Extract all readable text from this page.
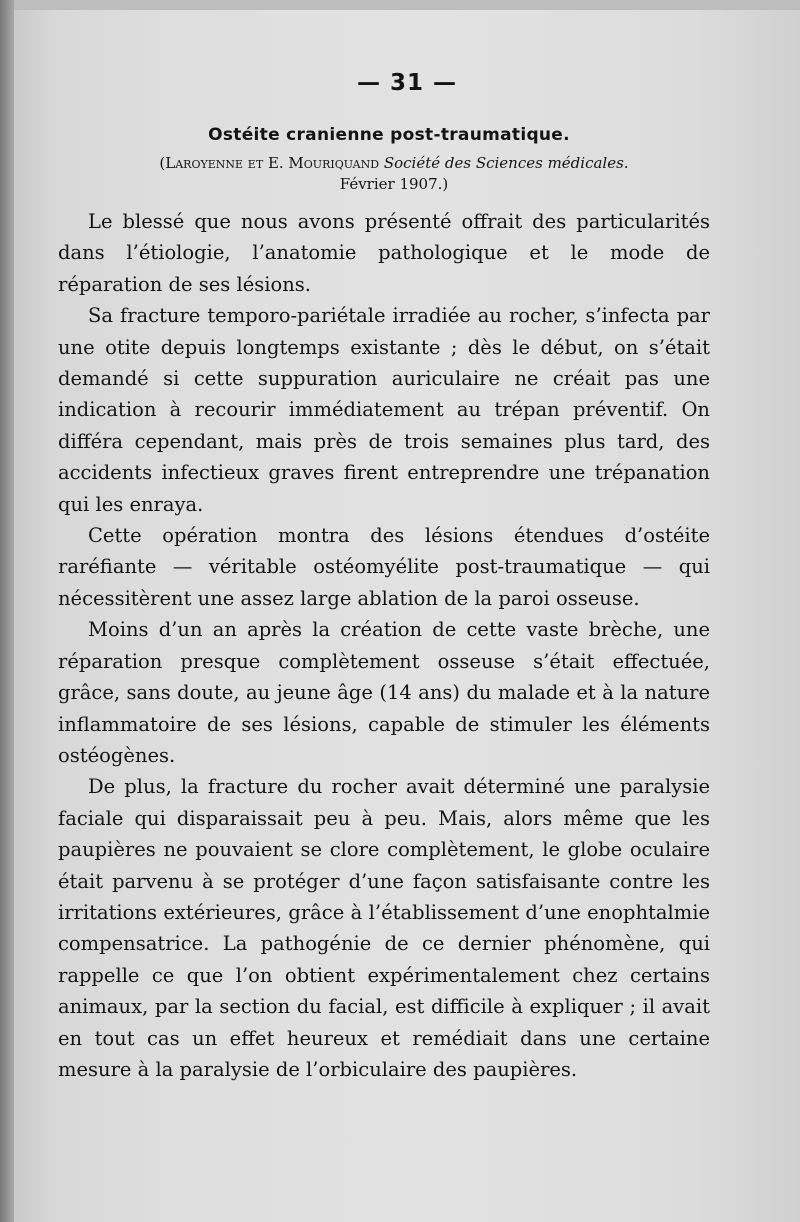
— 31 —
Ostéite cranienne post-traumatique.
(Laroyenne et E. Mouriquand Société des Sciences médicales.
Février 1907.)

Le blessé que nous avons présenté offrait des particularités dans l’étiologie, l’anatomie pathologique et le mode de réparation de ses lésions.

Sa fracture temporo-pariétale irradiée au rocher, s’infecta par une otite depuis longtemps existante ; dès le début, on s’était demandé si cette suppuration auriculaire ne créait pas une indication à recourir immédiatement au trépan préventif. On différa cependant, mais près de trois semaines plus tard, des accidents infectieux graves firent entreprendre une trépanation qui les enraya.

Cette opération montra des lésions étendues d’ostéite raréfiante — véritable ostéomyélite post-traumatique — qui nécessitèrent une assez large ablation de la paroi osseuse.

Moins d’un an après la création de cette vaste brèche, une réparation presque complètement osseuse s’était effectuée, grâce, sans doute, au jeune âge (14 ans) du malade et à la nature inflammatoire de ses lésions, capable de stimuler les éléments ostéogènes.

De plus, la fracture du rocher avait déterminé une paralysie faciale qui disparaissait peu à peu. Mais, alors même que les paupières ne pouvaient se clore complètement, le globe oculaire était parvenu à se protéger d’une façon satisfaisante contre les irritations extérieures, grâce à l’établissement d’une enophtalmie compensatrice. La pathogénie de ce dernier phénomène, qui rappelle ce que l’on obtient expérimentalement chez certains animaux, par la section du facial, est difficile à expliquer ; il avait en tout cas un effet heureux et remédiait dans une certaine mesure à la paralysie de l’orbiculaire des paupières.
